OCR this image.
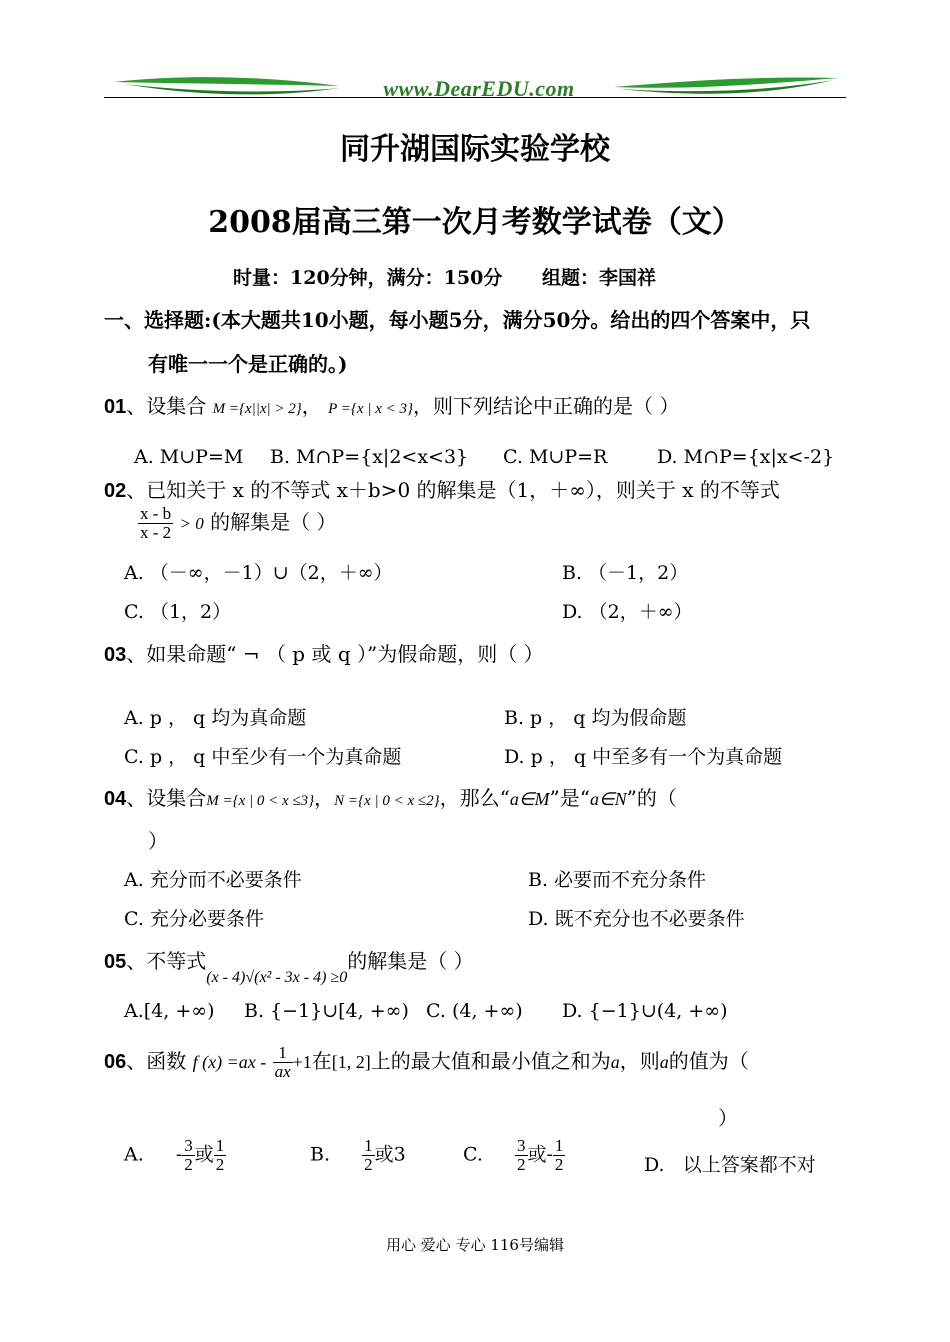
www.DearEDU.com
同升湖国际实验学校
2008届高三第一次月考数学试卷（文）
时量：120分钟，满分：150分      组题：李国祥
一、选择题:(本大题共10小题，每小题5分，满分50分。给出的四个答案中，只
有唯一一个是正确的。)
01、设集合 M ={x||x| > 2}， P ={x | x < 3}，则下列结论中正确的是（ ）
A. M∪P=M B. M∩P={x|2<x<3} C. M∪P=R	D. M∩P={x|x<-2}
02、已知关于 x 的不等式 x＋b>0 的解集是（1，＋∞），则关于 x 的不等式
$\frac{x - b}{x - 2} > 0$ 的解集是（ ）
A. （－∞，－1）∪（2，＋∞）	B. （－1，2）
C. （1，2）	D. （2，＋∞）
03、如果命题“ ¬ （ p 或 q ）”为假命题，则（ ）
A. p ， q 均为真命题	B. p ， q 均为假命题
C. p ， q 中至少有一个为真命题	D. p ， q 中至多有一个为真命题
04、设集合M ={x | 0 < x ≤3}，N ={x | 0 < x ≤2}，那么“a∈M”是“a∈N”的（
）
A. 充分而不必要条件	B. 必要而不充分条件
C. 充分必要条件	D. 既不充分也不必要条件
05、不等式$_{(x - 4)√(x^2 - 3x - 4) \ge 0}$的解集是（ ）
A.[4, +∞) B. {−1}∪[4, +∞) C. (4, +∞) D. {−1}∪(4, +∞)
06、函数 f $(x) =ax - \frac{1}{ax} +1$在[1, 2]上的最大值和最小值之和为a，则a的值为（
）
A. - $\frac{3}{2}$ 或 $\frac{1}{2}$	B. $\frac{1}{2}$ 或3	C. $\frac{3}{2}$ 或- $\frac{1}{2}$	D.   以上答案都不对
用心 爱心 专心 116号编辑
